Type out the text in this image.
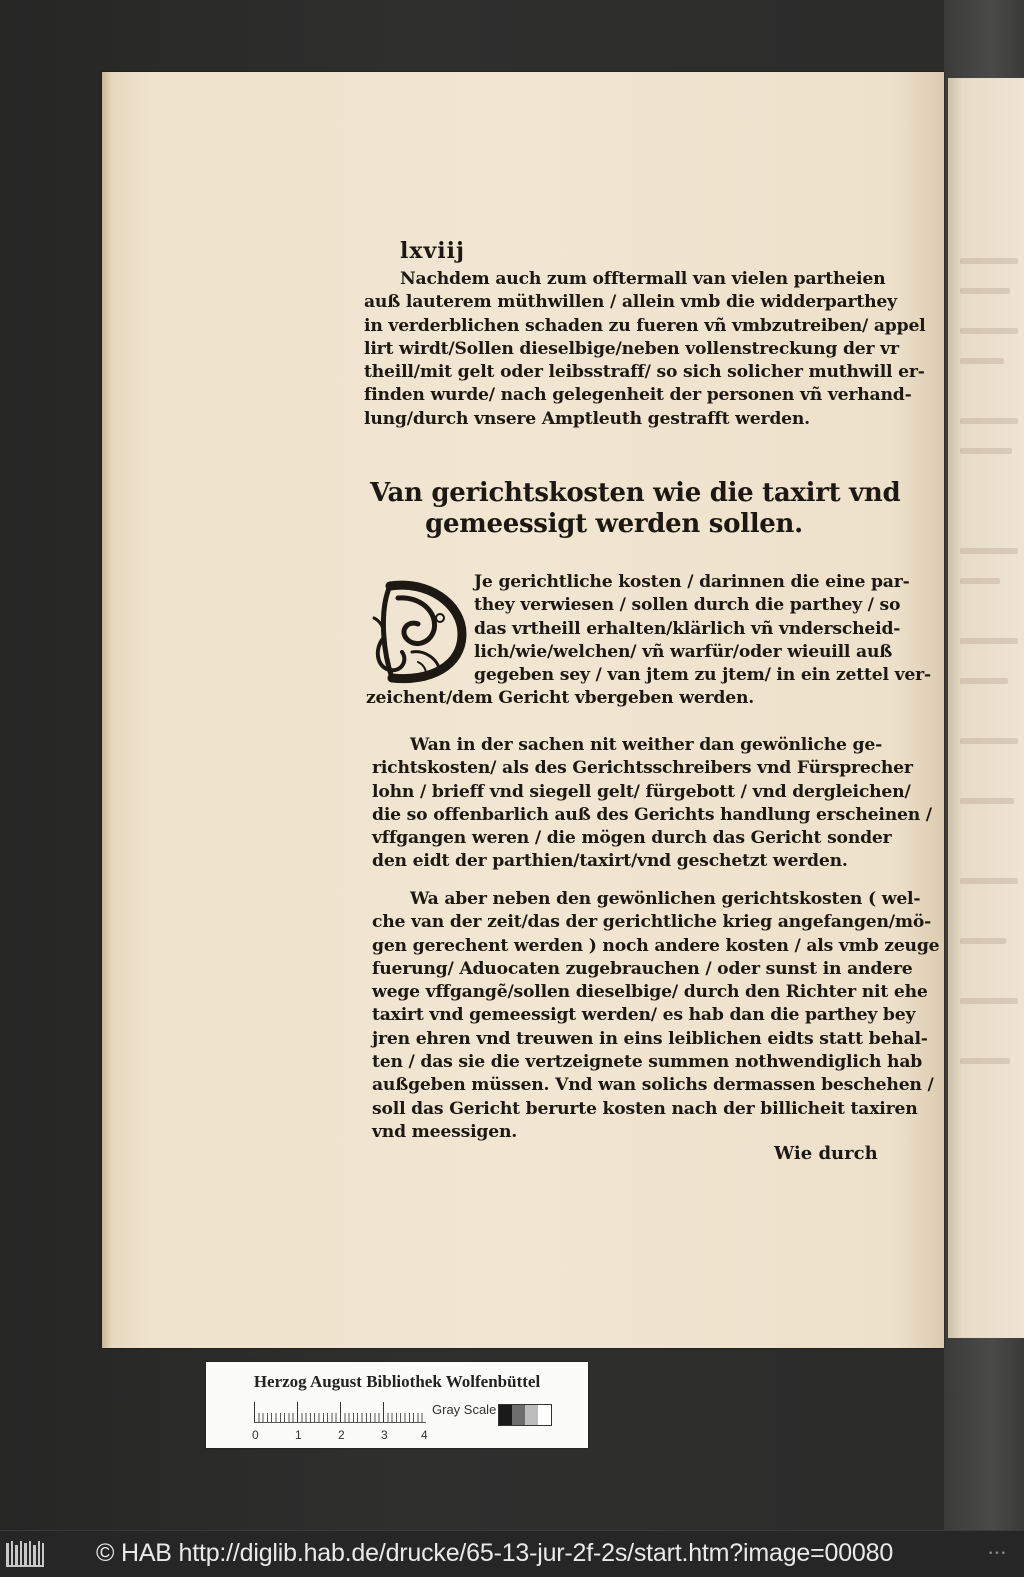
lxviij
Nachdem auch zum offtermall van vielen partheien
auß lauterem müthwillen / allein vmb die widderparthey
in verderblichen schaden zu fueren vñ vmbzutreiben/ appel
lirt wirdt/Sollen dieselbige/neben vollenstreckung der vr
theill/mit gelt oder leibsstraff/ so sich solicher muthwill er-
finden wurde/ nach gelegenheit der personen vñ verhand-
lung/durch vnsere Amptleuth gestrafft werden.
Van gerichtskosten wie die taxirt vnd
gemeessigt werden sollen.
Je gerichtliche kosten / darinnen die eine par-
they verwiesen / sollen durch die parthey / so
das vrtheill erhalten/klärlich vñ vnderscheid-
lich/wie/welchen/ vñ warfür/oder wieuill auß
gegeben sey / van jtem zu jtem/ in ein zettel ver-
zeichent/dem Gericht vbergeben werden.
Wan in der sachen nit weither dan gewönliche ge-
richtskosten/ als des Gerichtsschreibers vnd Fürsprecher
lohn / brieff vnd siegell gelt/ fürgebott / vnd dergleichen/
die so offenbarlich auß des Gerichts handlung erscheinen /
vffgangen weren / die mögen durch das Gericht sonder
den eidt der parthien/taxirt/vnd geschetzt werden.
Wa aber neben den gewönlichen gerichtskosten ( wel-
che van der zeit/das der gerichtliche krieg angefangen/mö-
gen gerechent werden ) noch andere kosten / als vmb zeuge
fuerung/ Aduocaten zugebrauchen / oder sunst in andere
wege vffgangẽ/sollen dieselbige/ durch den Richter nit ehe
taxirt vnd gemeessigt werden/ es hab dan die parthey bey
jren ehren vnd treuwen in eins leiblichen eidts statt behal-
ten / das sie die vertzeignete summen nothwendiglich hab
außgeben müssen. Vnd wan solichs dermassen beschehen /
soll das Gericht berurte kosten nach der billicheit taxiren
vnd meessigen.
Wie durch
Herzog August Bibliothek Wolfenbüttel
0	1	2	3	4
Gray Scale
© HAB http://diglib.hab.de/drucke/65-13-jur-2f-2s/start.htm?image=00080	•••
